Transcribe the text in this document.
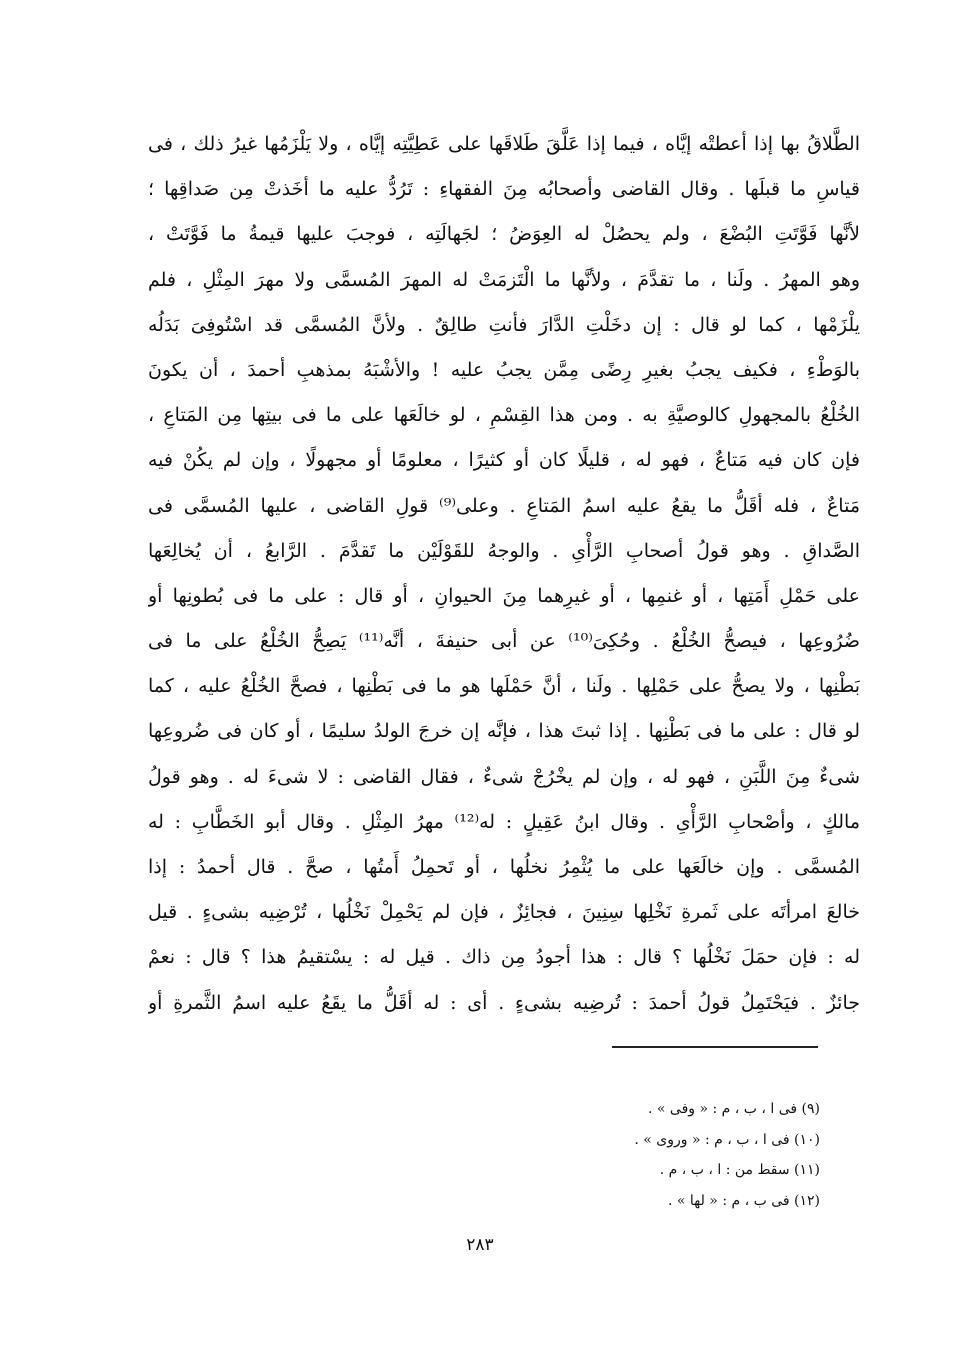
الطَّلاقُ بها إذا أعطتْه إيَّاه ، فيما إذا عَلَّقَ طَلاقَها على عَطِيَّتِه إيَّاه ، ولا يَلْزَمُها غيرُ ذلك ، فى
قياسِ ما قبلَها . وقال القاضى وأصحابُه مِنَ الفقهاءِ : تَرُدُّ عليه ما أخَذتْ مِن صَداقِها ؛
لأنَّها فَوَّتَتِ البُضْعَ ، ولم يحصُلْ له العِوَضُ ؛ لجَهالَتِه ، فوجبَ عليها قيمةُ ما فَوَّتَتْ ،
وهو المهرُ . ولَنا ، ما تقدَّمَ ، ولأنَّها ما الْتَزمَتْ له المهرَ المُسمَّى ولا مهرَ المِثْلِ ، فلم
يلْزَمْها ، كما لو قال : إن دخَلْتِ الدَّارَ فأنتِ طالِقٌ . ولأنَّ المُسمَّى قد اسْتُوفِىَ بَدَلُه
بالوَطْءِ ، فكيف يجبُ بغيرِ رِضًى مِمَّن يجبُ عليه ! والأشْبَهُ بمذهبِ أحمدَ ، أن يكونَ
الخُلْعُ بالمجهولِ كالوصيَّةِ به . ومن هذا القِسْمِ ، لو خالَعَها على ما فى بيتِها مِن المَتاعِ ،
فإن كان فيه مَتاعٌ ، فهو له ، قليلًا كان أو كثيرًا ، معلومًا أو مجهولًا ، وإن لم يكُنْ فيه
مَتاعٌ ، فله أقَلُّ ما يقعُ عليه اسمُ المَتاعِ . وعلى⁽⁹⁾ قولِ القاضى ، عليها المُسمَّى فى
الصَّداقِ . وهو قولُ أصحابِ الرَّأْىِ . والوجهُ للقَوْلَيْن ما تَقدَّمَ . الرَّابعُ ، أن يُخالِعَها
على حَمْلِ أَمَتِها ، أو غنمِها ، أو غيرِهما مِنَ الحيوانِ ، أو قال : على ما فى بُطونِها أو
ضُرُوعِها ، فيصحُّ الخُلْعُ . وحُكِىَ⁽¹⁰⁾ عن أبى حنيفةَ ، أنَّه⁽¹¹⁾ يَصِحُّ الخُلْعُ على ما فى
بَطْنِها ، ولا يصحُّ على حَمْلِها . ولَنا ، أنَّ حَمْلَها هو ما فى بَطْنِها ، فصحَّ الخُلْعُ عليه ، كما
لو قال : على ما فى بَطْنِها . إذا ثبتَ هذا ، فإنَّه إن خرجَ الولدُ سليمًا ، أو كان فى ضُروعِها
شىءٌ مِنَ اللَّبَنِ ، فهو له ، وإن لم يخْرُجْ شىءٌ ، فقال القاضى : لا شىءَ له . وهو قولُ
مالكٍ ، وأصْحابِ الرَّأْىِ . وقال ابنُ عَقِيلٍ : له⁽¹²⁾ مهرُ المِثْلِ . وقال أبو الخَطَّابِ : له
المُسمَّى . وإن خالَعَها على ما يُثْمِرُ نخلُها ، أو تَحمِلُ أَمتُها ، صحَّ . قال أحمدُ : إذا
خالعَ امرأتَه على ثَمرةِ نَخْلِها سِنِينَ ، فجائِزٌ ، فإن لم يَحْمِلْ نَخْلُها ، تُرْضِيه بشىءٍ . قيل
له : فإن حمَلَ نَخْلُها ؟ قال : هذا أجودُ مِن ذاك . قيل له : يسْتقيمُ هذا ؟ قال : نعمْ
جائزٌ . فيَحْتَمِلُ قولُ أحمدَ : تُرضِيه بشىءٍ . أى : له أقَلُّ ما يقَعُ عليه اسمُ الثَّمرةِ أو
(٩) فى ا ، ب ، م : « وفى » .
(١٠) فى ا ، ب ، م : « وروى » .
(١١) سقط من : ا ، ب ، م .
(١٢) فى ب ، م : « لها » .
٢٨٣
